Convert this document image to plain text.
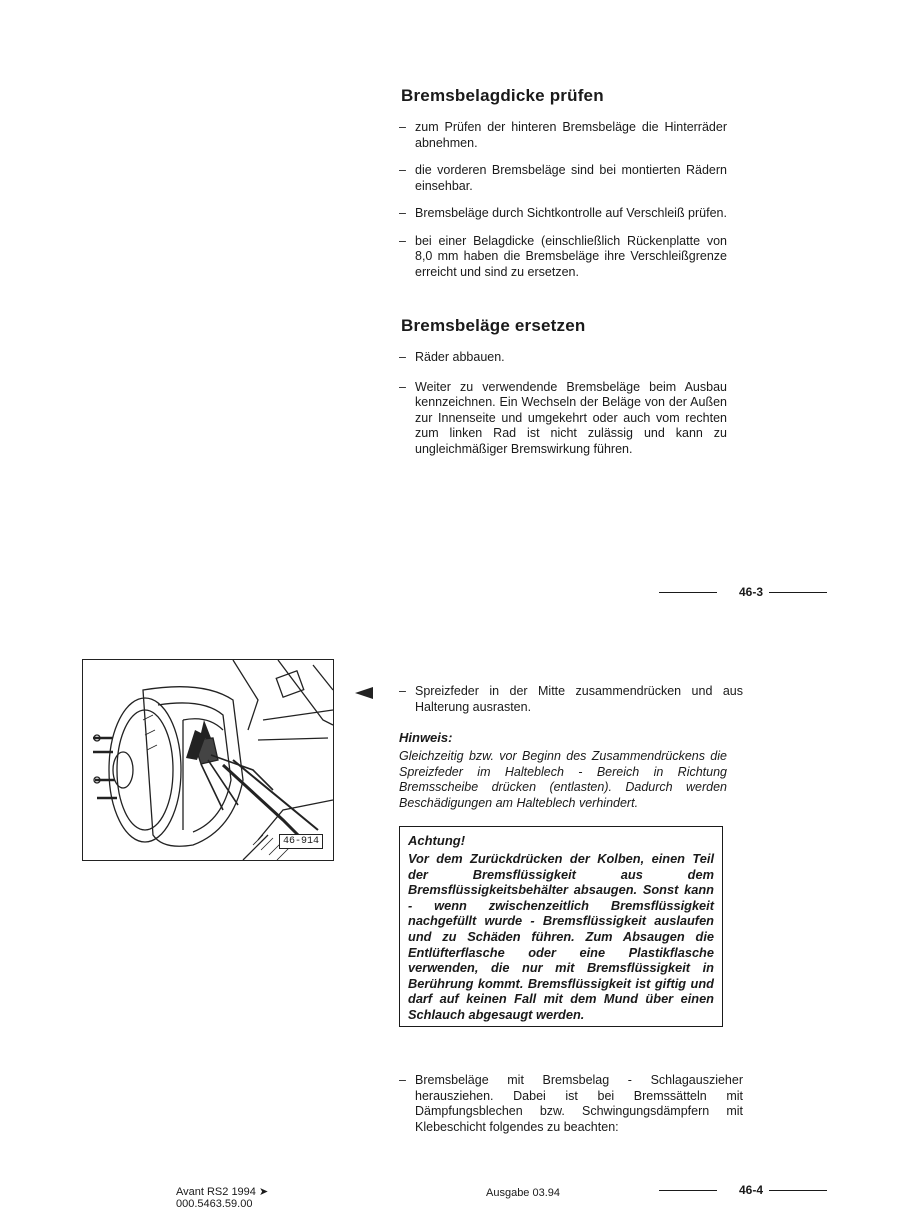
Bremsbelagdicke prüfen
– zum Prüfen der hinteren Bremsbeläge die Hinterräder abnehmen.
– die vorderen Bremsbeläge sind bei montierten Rädern einsehbar.
– Bremsbeläge durch Sichtkontrolle auf Verschleiß prüfen.
– bei einer Belagdicke (einschließlich Rückenplatte von 8,0 mm haben die Bremsbeläge ihre Verschleißgrenze erreicht und sind zu ersetzen.
Bremsbeläge ersetzen
– Räder abbauen.
– Weiter zu verwendende Bremsbeläge beim Ausbau kennzeichnen. Ein Wechseln der Beläge von der Außen zur Innenseite und umgekehrt oder auch vom rechten zum linken Rad ist nicht zulässig und kann zu ungleichmäßiger Bremswirkung führen.
46-3
46-914
– Spreizfeder in der Mitte zusammendrücken und aus Halterung ausrasten.
Hinweis:
Gleichzeitig bzw. vor Beginn des Zusammendrückens die Spreizfeder im Halteblech - Bereich in Richtung Bremsscheibe drücken (entlasten). Dadurch werden Beschädigungen am Halteblech verhindert.
Achtung!
Vor dem Zurückdrücken der Kolben, einen Teil der Bremsflüssigkeit aus dem Bremsflüssigkeitsbehälter absaugen. Sonst kann - wenn zwischenzeitlich Bremsflüssigkeit nachgefüllt wurde - Bremsflüssigkeit auslaufen und zu Schäden führen. Zum Absaugen die Entlüfterflasche oder eine Plastikflasche verwenden, die nur mit Bremsflüssigkeit in Berührung kommt. Bremsflüssigkeit ist giftig und darf auf keinen Fall mit dem Mund über einen Schlauch abgesaugt werden.
– Bremsbeläge mit Bremsbelag - Schlagauszieher herausziehen. Dabei ist bei Bremssätteln mit Dämpfungsblechen bzw. Schwingungsdämpfern mit Klebeschicht folgendes zu beachten:
Avant RS2 1994 ➤
000.5463.59.00
Ausgabe 03.94	46-4
